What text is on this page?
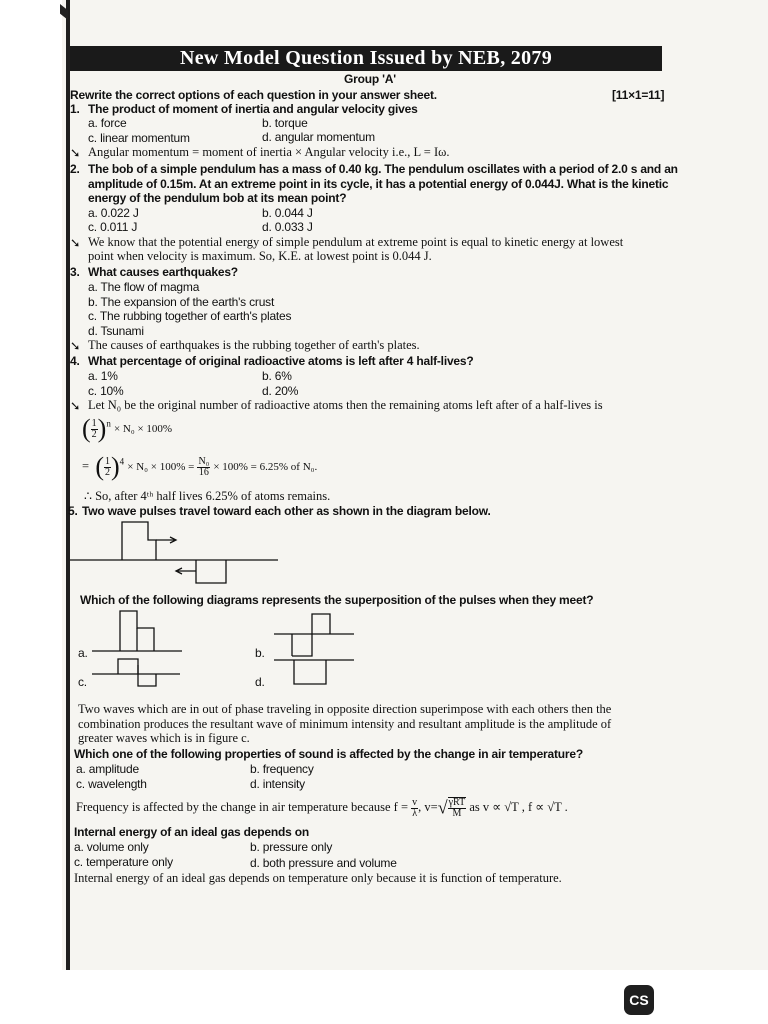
New Model Question Issued by NEB, 2079
Group 'A'
Rewrite the correct options of each question in your answer sheet.	[11×1=11]
1. The product of moment of inertia and angular velocity gives
a. force	b. torque
c. linear momentum	d. angular momentum
➘ Angular momentum = moment of inertia × Angular velocity i.e., L = Iω.
2. The bob of a simple pendulum has a mass of 0.40 kg. The pendulum oscillates with a period of 2.0 s and an
amplitude of 0.15m. At an extreme point in its cycle, it has a potential energy of 0.044J. What is the kinetic
energy of the pendulum bob at its mean point?
a. 0.022 J	b. 0.044 J
c. 0.011 J	d. 0.033 J
➘ We know that the potential energy of simple pendulum at extreme point is equal to kinetic energy at lowest
point when velocity is maximum. So, K.E. at lowest point is 0.044 J.
3. What causes earthquakes?
a. The flow of magma
b. The expansion of the earth's crust
c. The rubbing together of earth's plates
d. Tsunami
➘ The causes of earthquakes is the rubbing together of earth's plates.
4. What percentage of original radioactive atoms is left after 4 half-lives?
a. 1%	b. 6%
c. 10%	d. 20%
➘ Let N₀ be the original number of radioactive atoms then the remaining atoms left after of a half-lives is
( $\frac{1}{2} )^n \times N_0 \times 100\%$
= ( $\frac{1}{2} )^4 \times N_0 \times 100\% = \frac{\text{N₀}}{16} \times 100\% = 6.25\%$ of N₀.
∴ So, after 4ᵗʰ half lives 6.25% of atoms remains.
5. Two wave pulses travel toward each other as shown in the diagram below.
Which of the following diagrams represents the superposition of the pulses when they meet?
a.	b.
c.	d.
Two waves which are in out of phase traveling in opposite direction superimpose with each others then the
combination produces the resultant wave of minimum intensity and resultant amplitude is the amplitude of
greater waves which is in figure c.
Which one of the following properties of sound is affected by the change in air temperature?
a. amplitude	b. frequency
c. wavelength	d. intensity
Frequency is affected by the change in air temperature because $f = \frac{v}{\lambda}$ , $v=√ \frac{\text{γRT}}{M}$ as v ∝ √T , f ∝ √T .
Internal energy of an ideal gas depends on
a. volume only	b. pressure only
c. temperature only	d. both pressure and volume
Internal energy of an ideal gas depends on temperature only because it is function of temperature.
CS
